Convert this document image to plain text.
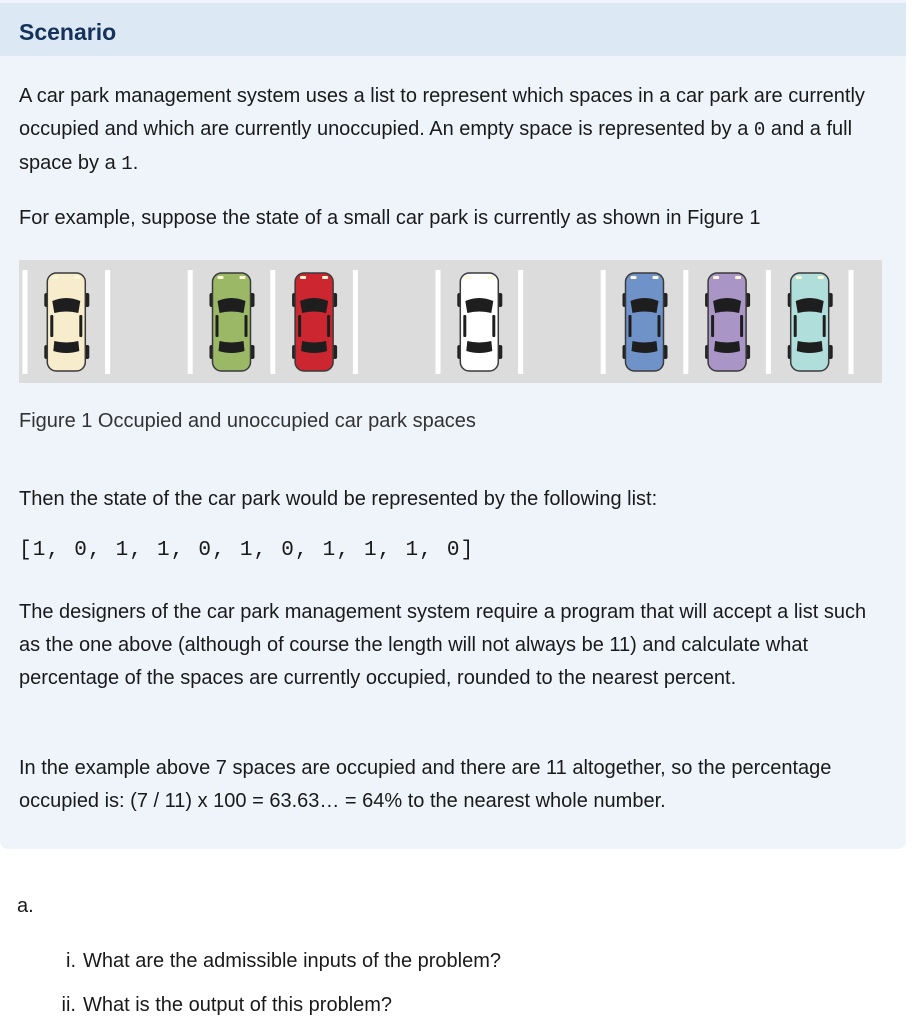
Scenario

A car park management system uses a list to represent which spaces in a car park are currently occupied and which are currently unoccupied. An empty space is represented by a 0 and a full space by a 1.

For example, suppose the state of a small car park is currently as shown in Figure 1

Figure 1 Occupied and unoccupied car park spaces

Then the state of the car park would be represented by the following list:

[1, 0, 1, 1, 0, 1, 0, 1, 1, 1, 0]

The designers of the car park management system require a program that will accept a list such as the one above (although of course the length will not always be 11) and calculate what percentage of the spaces are currently occupied, rounded to the nearest percent.

In the example above 7 spaces are occupied and there are 11 altogether, so the percentage occupied is: (7 / 11) x 100 = 63.63… = 64% to the nearest whole number.

a.

i. What are the admissible inputs of the problem?
ii. What is the output of this problem?
